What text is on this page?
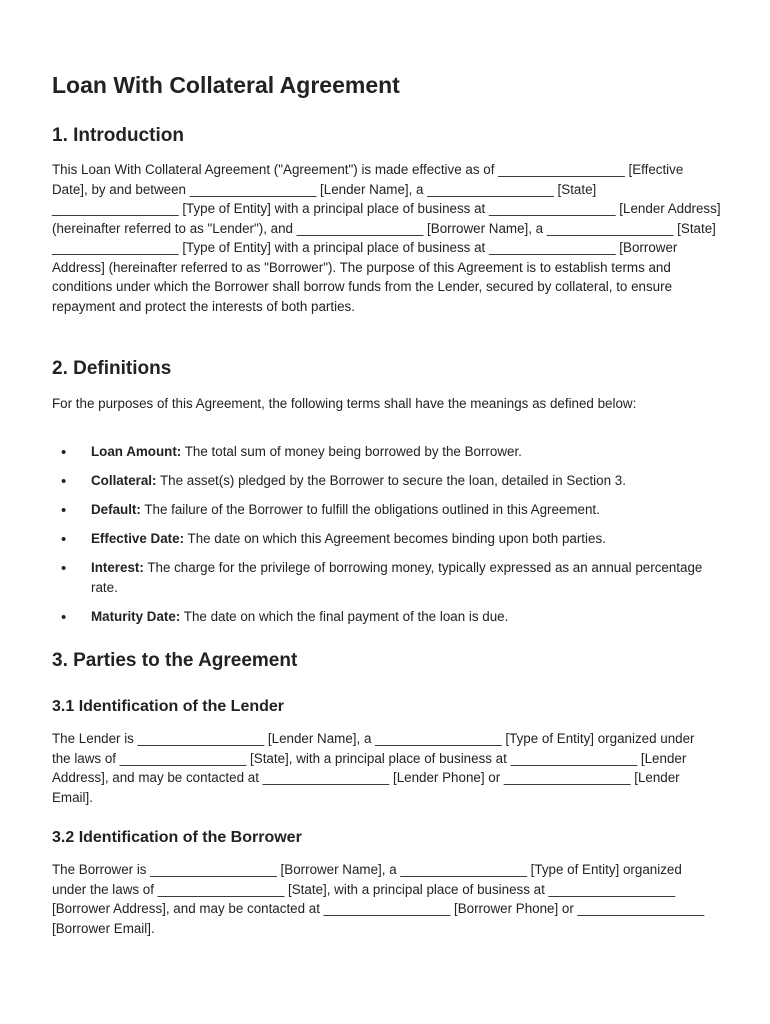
Loan With Collateral Agreement
1. Introduction

This Loan With Collateral Agreement ("Agreement") is made effective as of _________________ [Effective Date], by and between _________________ [Lender Name], a _________________ [State] _________________ [Type of Entity] with a principal place of business at _________________ [Lender Address] (hereinafter referred to as "Lender"), and _________________ [Borrower Name], a _________________ [State] _________________ [Type of Entity] with a principal place of business at _________________ [Borrower Address] (hereinafter referred to as "Borrower"). The purpose of this Agreement is to establish terms and conditions under which the Borrower shall borrow funds from the Lender, secured by collateral, to ensure repayment and protect the interests of both parties.

2. Definitions

For the purposes of this Agreement, the following terms shall have the meanings as defined below:

• Loan Amount: The total sum of money being borrowed by the Borrower.
• Collateral: The asset(s) pledged by the Borrower to secure the loan, detailed in Section 3.
• Default: The failure of the Borrower to fulfill the obligations outlined in this Agreement.
• Effective Date: The date on which this Agreement becomes binding upon both parties.
• Interest: The charge for the privilege of borrowing money, typically expressed as an annual percentage rate.
• Maturity Date: The date on which the final payment of the loan is due.
3. Parties to the Agreement
3.1 Identification of the Lender

The Lender is _________________ [Lender Name], a _________________ [Type of Entity] organized under the laws of _________________ [State], with a principal place of business at _________________ [Lender Address], and may be contacted at _________________ [Lender Phone] or _________________ [Lender Email].

3.2 Identification of the Borrower

The Borrower is _________________ [Borrower Name], a _________________ [Type of Entity] organized under the laws of _________________ [State], with a principal place of business at _________________ [Borrower Address], and may be contacted at _________________ [Borrower Phone] or _________________ [Borrower Email].
